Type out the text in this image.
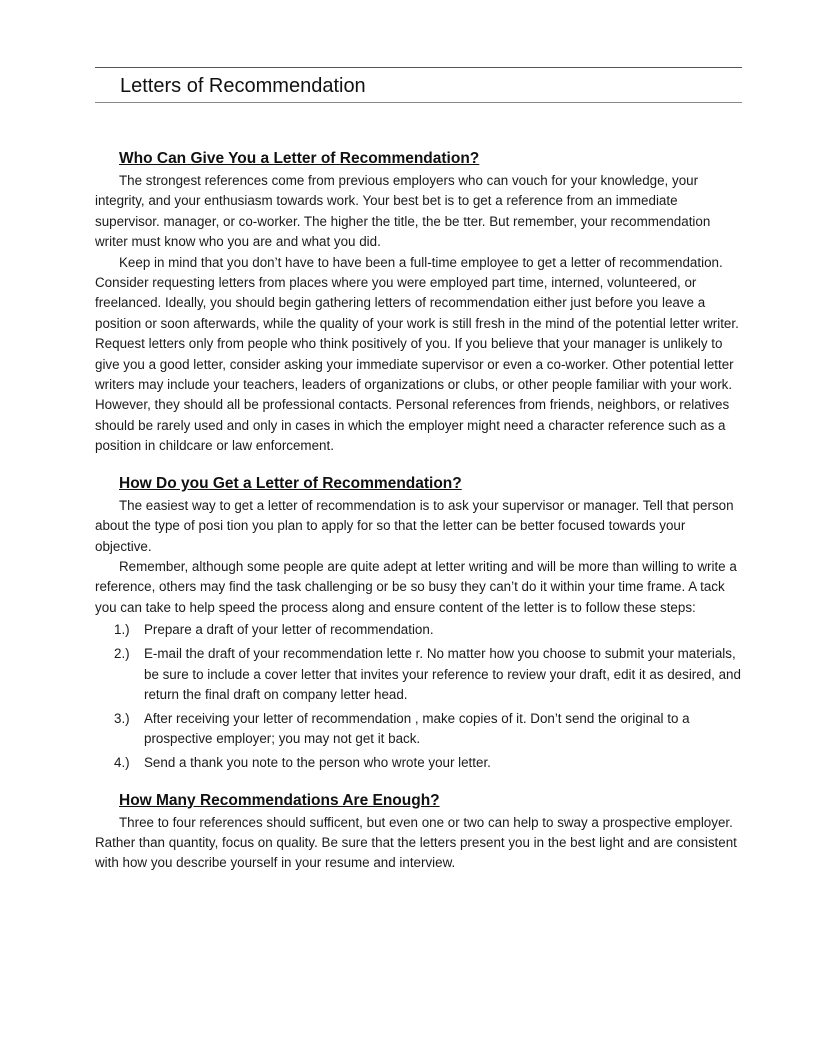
Letters of Recommendation
Who Can Give You a Letter of Recommendation?

The strongest references come from previous employers who can vouch for your knowledge, your integrity, and your enthusiasm towards work. Your best bet is to get a reference from an immediate supervisor. manager, or co-worker. The higher the title, the be tter. But remember, your recommendation writer must know who you are and what you did.

Keep in mind that you don’t have to have been a full-time employee to get a letter of recommendation. Consider requesting letters from places where you were employed part time, interned, volunteered, or freelanced. Ideally, you should begin gathering letters of recommendation either just before you leave a position or soon afterwards, while the quality of your work is still fresh in the mind of the potential letter writer. Request letters only from people who think positively of you. If you believe that your manager is unlikely to give you a good letter, consider asking your immediate supervisor or even a co-worker. Other potential letter writers may include your teachers, leaders of organizations or clubs, or other people familiar with your work. However, they should all be professional contacts. Personal references from friends, neighbors, or relatives should be rarely used and only in cases in which the employer might need a character reference such as a position in childcare or law enforcement.

How Do you Get a Letter of Recommendation?

The easiest way to get a letter of recommendation is to ask your supervisor or manager. Tell that person about the type of posi tion you plan to apply for so that the letter can be better focused towards your objective.

Remember, although some people are quite adept at letter writing and will be more than willing to write a reference, others may find the task challenging or be so busy they can’t do it within your time frame. A tack you can take to help speed the process along and ensure content of the letter is to follow these steps:

1.) Prepare a draft of your letter of recommendation.
2.) E-mail the draft of your recommendation lette r. No matter how you choose to submit your materials, be sure to include a cover letter that invites your reference to review your draft, edit it as desired, and return the final draft on company letter head.
3.) After receiving your letter of recommendation , make copies of it. Don’t send the original to a prospective employer; you may not get it back.
4.) Send a thank you note to the person who wrote your letter.
How Many Recommendations Are Enough?

Three to four references should sufficent, but even one or two can help to sway a prospective employer. Rather than quantity, focus on quality. Be sure that the letters present you in the best light and are consistent with how you describe yourself in your resume and interview.
